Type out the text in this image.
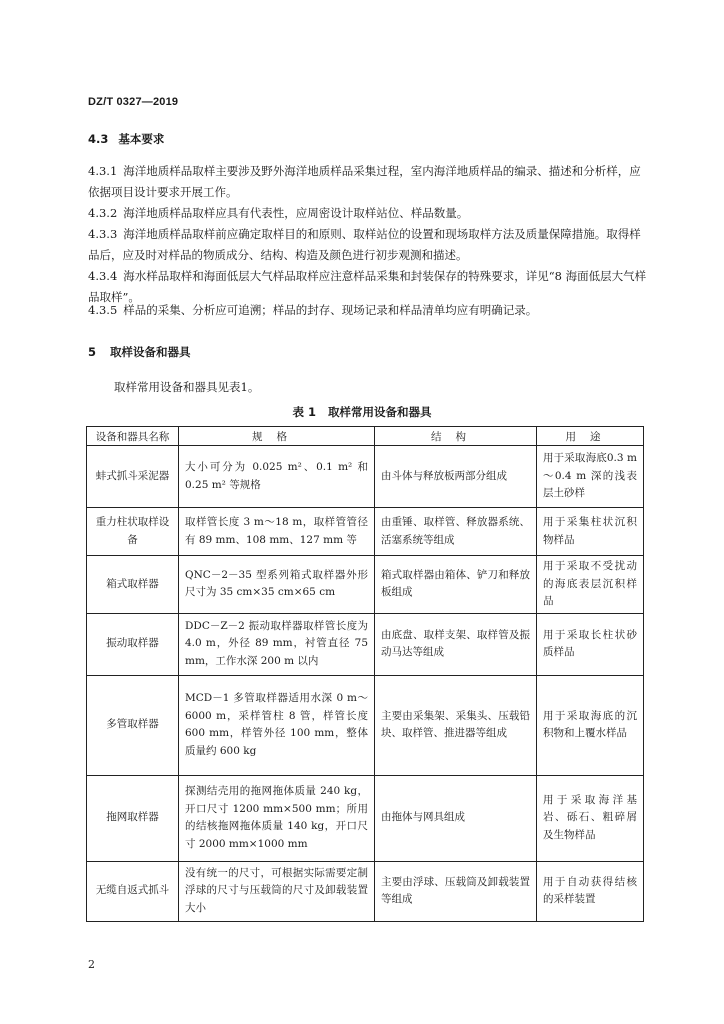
DZ/T 0327—2019
4.3 基本要求

4.3.1 海洋地质样品取样主要涉及野外海洋地质样品采集过程，室内海洋地质样品的编录、描述和分析样，应依据项目设计要求开展工作。

4.3.2 海洋地质样品取样应具有代表性，应周密设计取样站位、样品数量。

4.3.3 海洋地质样品取样前应确定取样目的和原则、取样站位的设置和现场取样方法及质量保障措施。取得样品后，应及时对样品的物质成分、结构、构造及颜色进行初步观测和描述。

4.3.4 海水样品取样和海面低层大气样品取样应注意样品采集和封装保存的特殊要求，详见“8 海面低层大气样品取样”。

4.3.5 样品的采集、分析应可追溯；样品的封存、现场记录和样品清单均应有明确记录。

5 取样设备和器具

取样常用设备和器具见表1。

表 1 取样常用设备和器具
设备和器具名称	规格	结构	用途
蚌式抓斗采泥器	大小可分为 0.025 m²、0.1 m² 和 0.25 m² 等规格	由斗体与释放板两部分组成	用于采取海底0.3 m～0.4 m 深的浅表层土砂样
重力柱状取样设备	取样管长度 3 m～18 m，取样管管径有 89 mm、108 mm、127 mm 等	由重锤、取样管、释放器系统、活塞系统等组成	用于采集柱状沉积物样品
箱式取样器	QNC－2－35 型系列箱式取样器外形尺寸为 35 cm×35 cm×65 cm	箱式取样器由箱体、铲刀和释放板组成	用于采取不受扰动的海底表层沉积样品
振动取样器	DDC－Z－2 振动取样器取样管长度为 4.0 m，外径 89 mm，衬管直径 75 mm，工作水深 200 m 以内	由底盘、取样支架、取样管及振动马达等组成	用于采取长柱状砂质样品
多管取样器	MCD－1 多管取样器适用水深 0 m～6000 m，采样管柱 8 管，样管长度 600 mm，样管外径 100 mm，整体质量约 600 kg	主要由采集架、采集头、压载铅块、取样管、推进器等组成	用于采取海底的沉积物和上覆水样品
拖网取样器	探测结壳用的拖网拖体质量 240 kg，开口尺寸 1200 mm×500 mm；所用的结核拖网拖体质量 140 kg，开口尺寸 2000 mm×1000 mm	由拖体与网具组成	用于采取海洋基岩、砾石、粗碎屑及生物样品
无缆自返式抓斗	没有统一的尺寸，可根据实际需要定制浮球的尺寸与压载筒的尺寸及卸载装置大小	主要由浮球、压载筒及卸载装置等组成	用于自动获得结核的采样装置
2
